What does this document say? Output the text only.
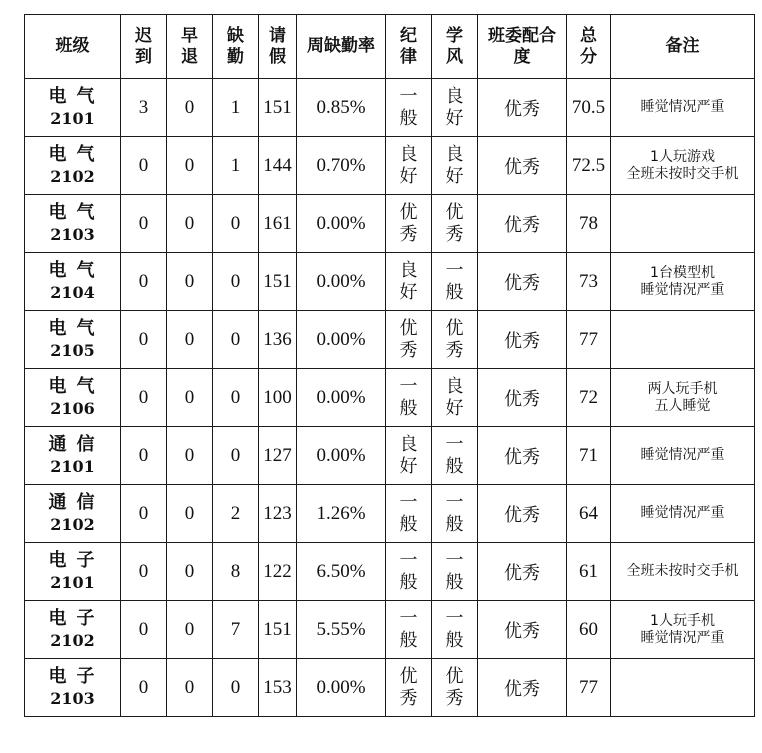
班级	迟到	早退	缺勤	请假	周缺勤率	纪律	学风	班委配合度	总分	备注

电气
2101	3	0	1	151	0.85%	一般	良好	优秀	70.5	睡觉情况严重

电气
2102	0	0	1	144	0.70%	良好	良好	优秀	72.5	1人玩游戏
全班未按时交手机

电气
2103	0	0	0	161	0.00%	优秀	优秀	优秀	78	

电气
2104	0	0	0	151	0.00%	良好	一般	优秀	73	1台模型机
睡觉情况严重

电气
2105	0	0	0	136	0.00%	优秀	优秀	优秀	77	

电气
2106	0	0	0	100	0.00%	一般	良好	优秀	72	两人玩手机
五人睡觉

通信
2101	0	0	0	127	0.00%	良好	一般	优秀	71	睡觉情况严重

通信
2102	0	0	2	123	1.26%	一般	一般	优秀	64	睡觉情况严重

电子
2101	0	0	8	122	6.50%	一般	一般	优秀	61	全班未按时交手机

电子
2102	0	0	7	151	5.55%	一般	一般	优秀	60	1人玩手机
睡觉情况严重

电子
2103	0	0	0	153	0.00%	优秀	优秀	优秀	77	
